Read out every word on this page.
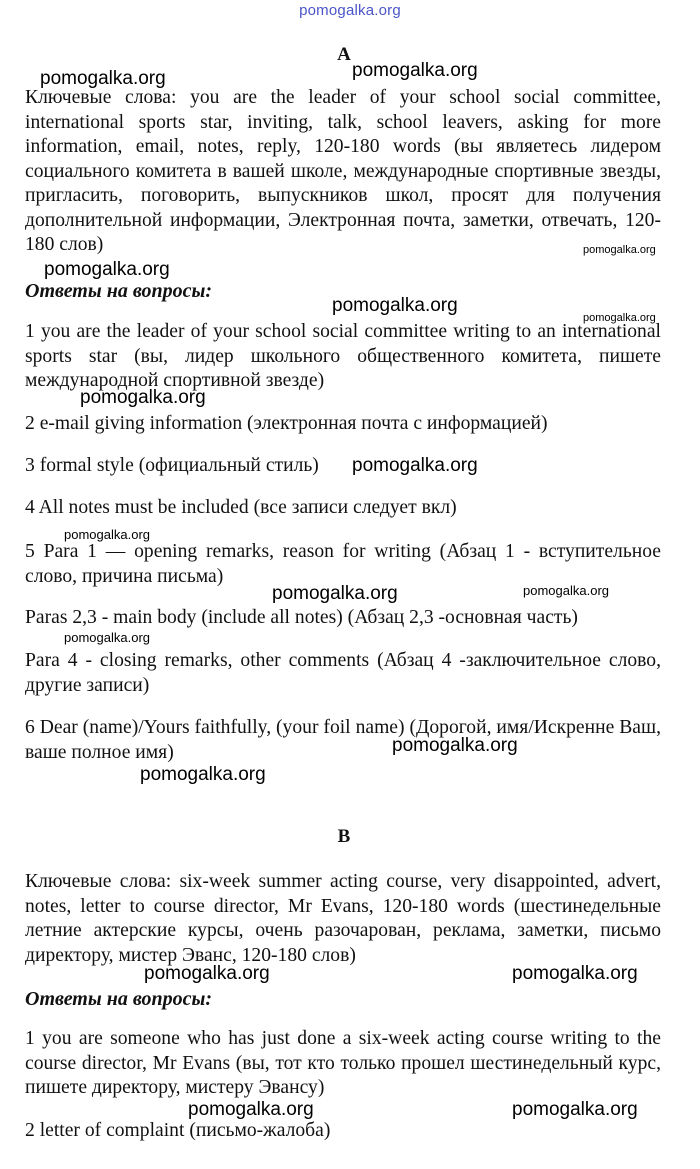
pomogalka.org
A

Ключевые слова: you are the leader of your school social committee, international sports star, inviting, talk, school leavers, asking for more information, email, notes, reply, 120-180 words (вы являетесь лидером социального комитета в вашей школе, международные спортивные звезды, пригласить, поговорить, выпускников школ, просят для получения дополнительной информации, Электронная почта, заметки, отвечать, 120-180 слов)

Ответы на вопросы:

1 you are the leader of your school social committee writing to an international sports star (вы, лидер школьного общественного комитета, пишете международной спортивной звезде)

2 e-mail giving information (электронная почта с информацией)

3 formal style (официальный стиль)

4 All notes must be included (все записи следует вкл)

5 Para 1 — opening remarks, reason for writing (Абзац 1 - вступительное слово, причина письма)

Paras 2,3 - main body (include all notes) (Абзац 2,3 -основная часть)

Para 4 - closing remarks, other comments (Абзац 4 -заключительное слово, другие записи)

6 Dear (name)/Yours faithfully, (your foil name) (Дорогой, имя/Искренне Ваш, ваше полное имя)

B

Ключевые слова: six-week summer acting course, very disappointed, advert, notes, letter to course director, Mr Evans, 120-180 words (шестинедельные летние актерские курсы, очень разочарован, реклама, заметки, письмо директору, мистер Эванс, 120-180 слов)

Ответы на вопросы:

1 you are someone who has just done a six-week acting course writing to the course director, Mr Evans (вы, тот кто только прошел шестинедельный курс, пишете директору, мистеру Эвансу)

2 letter of complaint (письмо-жалоба)

pomogalka.org	pomogalka.org
pomogalka.org
pomogalka.org
pomogalka.org
pomogalka.org
pomogalka.org
pomogalka.org
pomogalka.org
pomogalka.org	pomogalka.org
pomogalka.org
pomogalka.org
pomogalka.org
pomogalka.org	pomogalka.org
pomogalka.org	pomogalka.org
